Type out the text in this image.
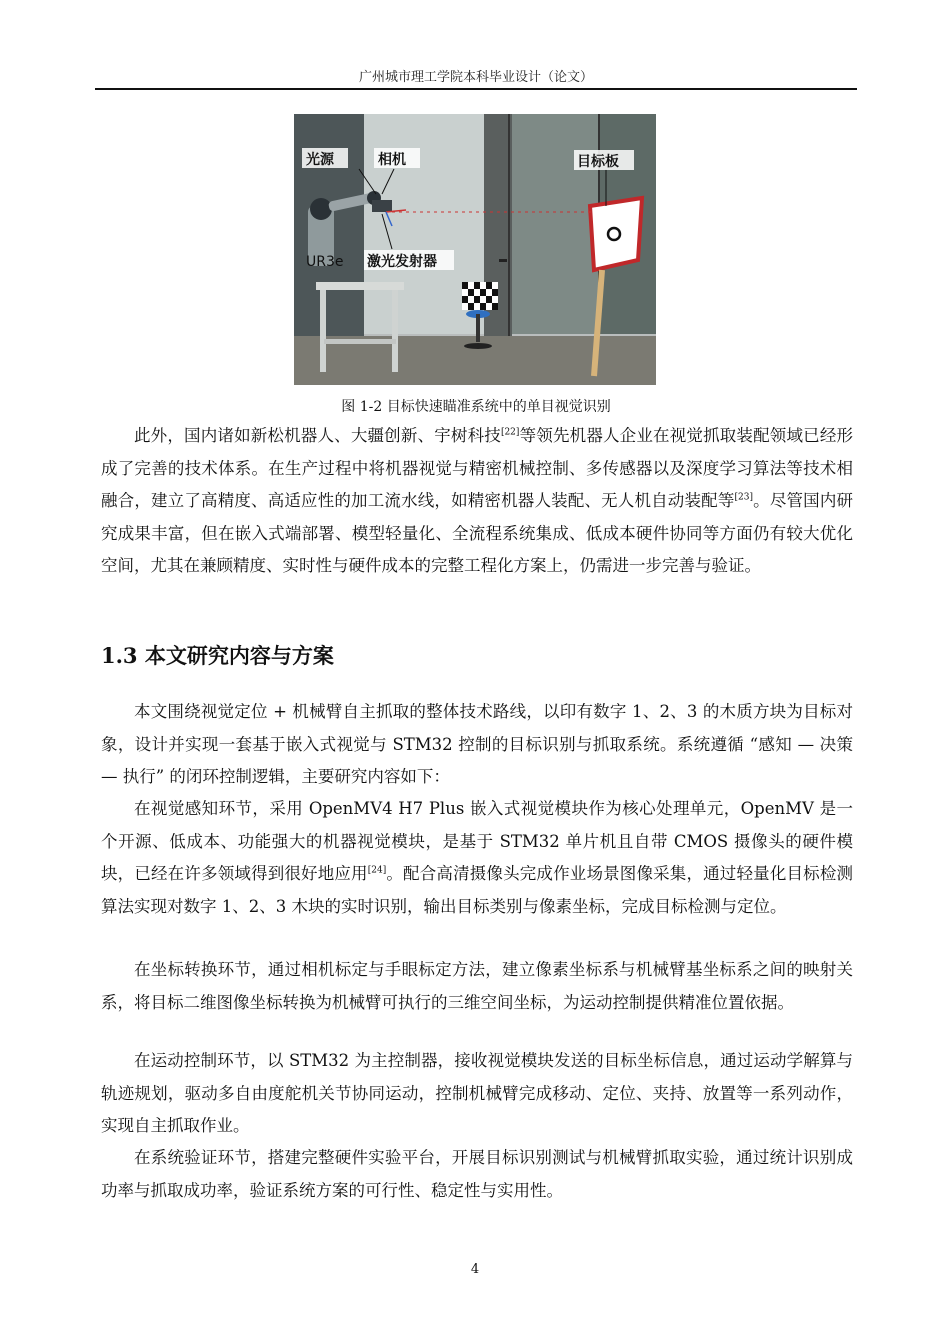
广州城市理工学院本科毕业设计（论文）
光源	相机	目标板
UR3e 激光发射器
图 1-2 目标快速瞄准系统中的单目视觉识别

此外，国内诸如新松机器人、大疆创新、宇树科技[22]等领先机器人企业在视觉抓取装配领域已经形成了完善的技术体系。在生产过程中将机器视觉与精密机械控制、多传感器以及深度学习算法等技术相融合，建立了高精度、高适应性的加工流水线，如精密机器人装配、无人机自动装配等[23]。尽管国内研究成果丰富，但在嵌入式端部署、模型轻量化、全流程系统集成、低成本硬件协同等方面仍有较大优化空间，尤其在兼顾精度、实时性与硬件成本的完整工程化方案上，仍需进一步完善与验证。

1.3 本文研究内容与方案

本文围绕视觉定位 + 机械臂自主抓取的整体技术路线，以印有数字 1、2、3 的木质方块为目标对象，设计并实现一套基于嵌入式视觉与 STM32 控制的目标识别与抓取系统。系统遵循 “感知 — 决策 — 执行” 的闭环控制逻辑，主要研究内容如下：

在视觉感知环节，采用 OpenMV4 H7 Plus 嵌入式视觉模块作为核心处理单元，OpenMV 是一个开源、低成本、功能强大的机器视觉模块，是基于 STM32 单片机且自带 CMOS 摄像头的硬件模块，已经在许多领域得到很好地应用[24]。配合高清摄像头完成作业场景图像采集，通过轻量化目标检测算法实现对数字 1、2、3 木块的实时识别，输出目标类别与像素坐标，完成目标检测与定位。

在坐标转换环节，通过相机标定与手眼标定方法，建立像素坐标系与机械臂基坐标系之间的映射关系，将目标二维图像坐标转换为机械臂可执行的三维空间坐标，为运动控制提供精准位置依据。

在运动控制环节，以 STM32 为主控制器，接收视觉模块发送的目标坐标信息，通过运动学解算与轨迹规划，驱动多自由度舵机关节协同运动，控制机械臂完成移动、定位、夹持、放置等一系列动作，实现自主抓取作业。

在系统验证环节，搭建完整硬件实验平台，开展目标识别测试与机械臂抓取实验，通过统计识别成功率与抓取成功率，验证系统方案的可行性、稳定性与实用性。

4
